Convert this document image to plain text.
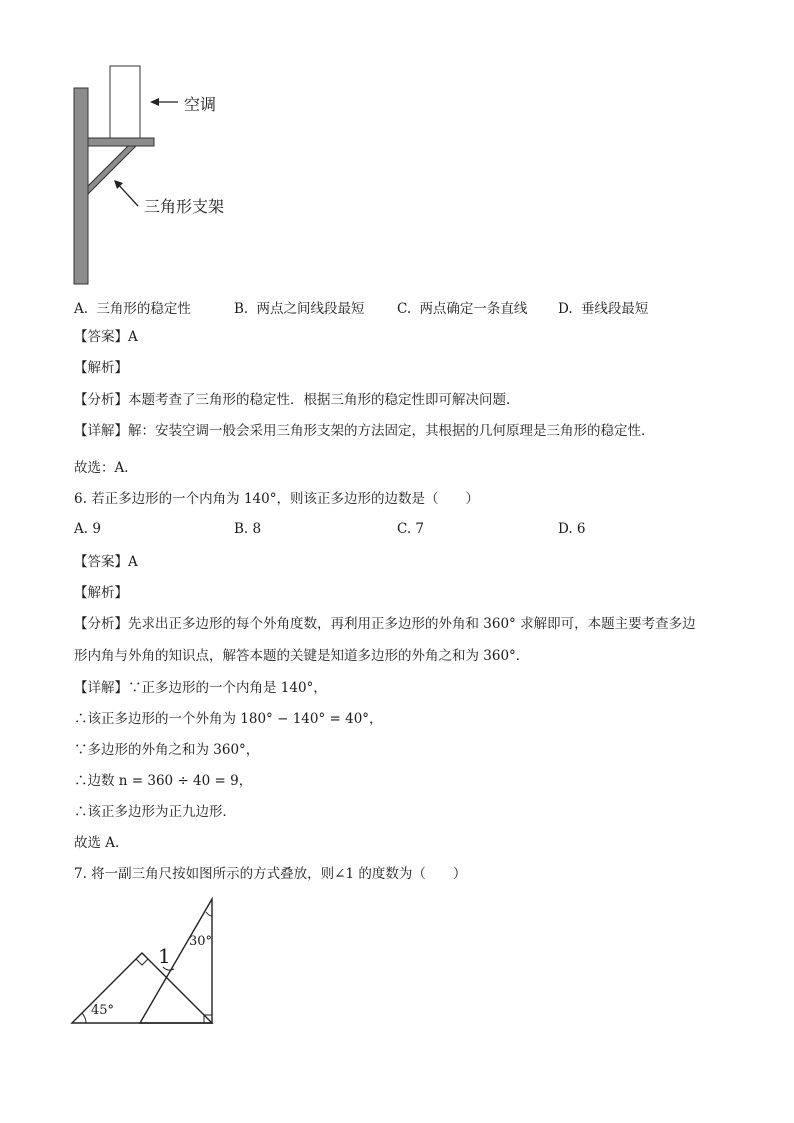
空调
三角形支架
A. 三角形的稳定性	B. 两点之间线段最短 C. 两点确定一条直线 D. 垂线段最短
【答案】A
【解析】
【分析】本题考查了三角形的稳定性．根据三角形的稳定性即可解决问题．
【详解】解：安装空调一般会采用三角形支架的方法固定，其根据的几何原理是三角形的稳定性．
故选：A．
6. 若正多边形的一个内角为 140°，则该正多边形的边数是（　　）
A. 9	B. 8	C. 7	D. 6
【答案】A
【解析】
【分析】先求出正多边形的每个外角度数，再利用正多边形的外角和 360° 求解即可，本题主要考查多边
形内角与外角的知识点，解答本题的关键是知道多边形的外角之和为 360°．
【详解】∵正多边形的一个内角是 140°，
∴该正多边形的一个外角为 180° − 140° = 40°，
∵多边形的外角之和为 360°，
∴边数 n = 360 ÷ 40 = 9，
∴该正多边形为正九边形．
故选 A.
7. 将一副三角尺按如图所示的方式叠放，则∠1 的度数为（　　）
1
30°
45°
